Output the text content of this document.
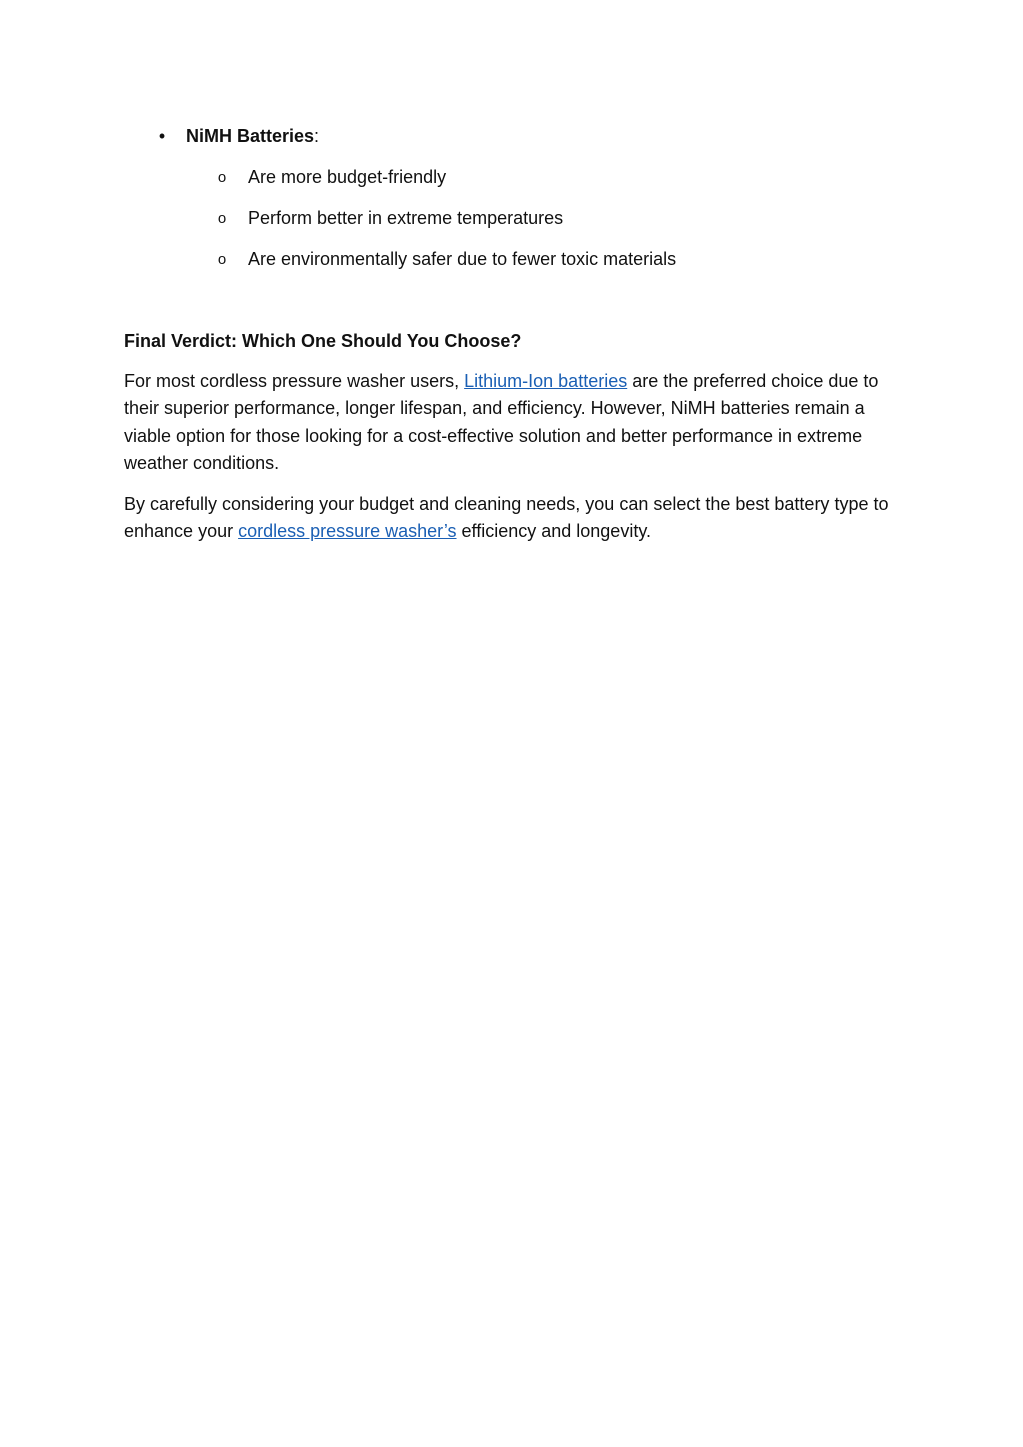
•	NiMH Batteries:
o	Are more budget-friendly
o	Perform better in extreme temperatures
o	Are environmentally safer due to fewer toxic materials
Final Verdict: Which One Should You Choose?

For most cordless pressure washer users, Lithium-Ion batteries are the preferred choice due to their superior performance, longer lifespan, and efficiency. However, NiMH batteries remain a viable option for those looking for a cost-effective solution and better performance in extreme weather conditions.

By carefully considering your budget and cleaning needs, you can select the best battery type to enhance your cordless pressure washer’s efficiency and longevity.
